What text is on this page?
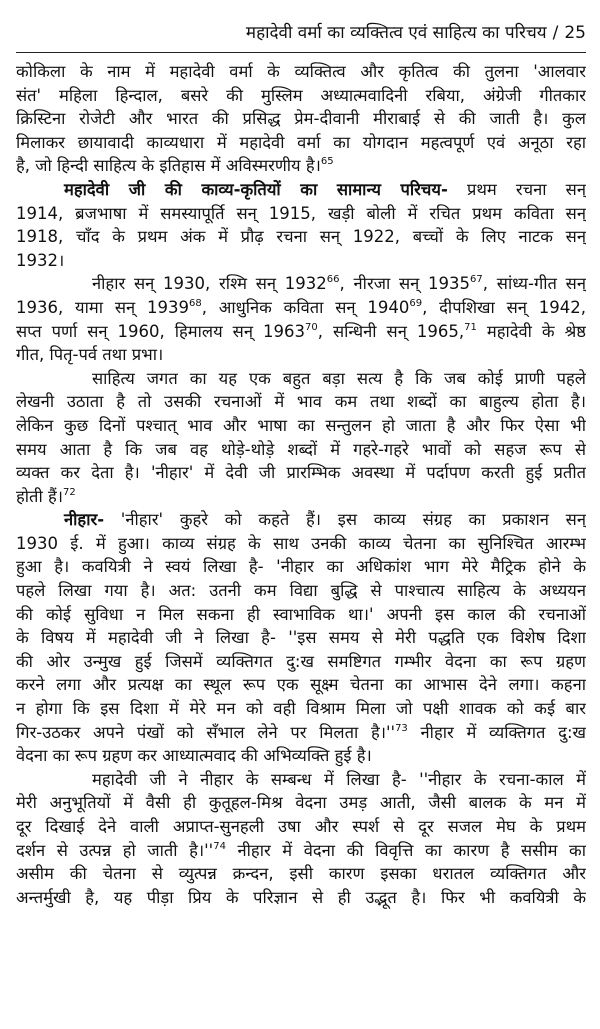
महादेवी वर्मा का व्यक्तित्व एवं साहित्य का परिचय / 25
कोकिला के नाम में महादेवी वर्मा के व्यक्तित्व और कृतित्व की तुलना 'आलवार
संत' महिला हिन्दाल, बसरे की मुस्लिम अध्यात्मवादिनी रबिया, अंग्रेजी गीतकार
क्रिस्टिना रोजेटी और भारत की प्रसिद्ध प्रेम-दीवानी मीराबाई से की जाती है। कुल
मिलाकर छायावादी काव्यधारा में महादेवी वर्मा का योगदान महत्वपूर्ण एवं अनूठा रहा
है, जो हिन्दी साहित्य के इतिहास में अविस्मरणीय है।$^{65}$
महादेवी जी की काव्य-कृतियों का सामान्य परिचय- प्रथम रचना सन्
1914, ब्रजभाषा में समस्यापूर्ति सन् 1915, खड़ी बोली में रचित प्रथम कविता सन्
1918, चाँद के प्रथम अंक में प्रौढ़ रचना सन् 1922, बच्चों के लिए नाटक सन्
1932।
नीहार सन् 1930, रश्मि सन् 1932$^{66}$, नीरजा सन् 1935$^{67}$, सांध्य-गीत सन्
1936, यामा सन् 1939$^{68}$, आधुनिक कविता सन् 1940$^{69}$, दीपशिखा सन् 1942,
सप्त पर्णा सन् 1960, हिमालय सन् 1963$^{70}$, सन्धिनी सन् 1965,71 महादेवी के श्रेष्ठ
गीत, पितृ-पर्व तथा प्रभा।
साहित्य जगत का यह एक बहुत बड़ा सत्य है कि जब कोई प्राणी पहले
लेखनी उठाता है तो उसकी रचनाओं में भाव कम तथा शब्दों का बाहुल्य होता है।
लेकिन कुछ दिनों पश्चात् भाव और भाषा का सन्तुलन हो जाता है और फिर ऐसा भी
समय आता है कि जब वह थोड़े-थोड़े शब्दों में गहरे-गहरे भावों को सहज रूप से
व्यक्त कर देता है। 'नीहार' में देवी जी प्रारम्भिक अवस्था में पर्दापण करती हुई प्रतीत
होती हैं।$^{72}$
नीहार- 'नीहार' कुहरे को कहते हैं। इस काव्य संग्रह का प्रकाशन सन्
1930 ई. में हुआ। काव्य संग्रह के साथ उनकी काव्य चेतना का सुनिश्चित आरम्भ
हुआ है। कवयित्री ने स्वयं लिखा है- 'नीहार का अधिकांश भाग मेरे मैट्रिक होने के
पहले लिखा गया है। अत: उतनी कम विद्या बुद्धि से पाश्चात्य साहित्य के अध्ययन
की कोई सुविधा न मिल सकना ही स्वाभाविक था।' अपनी इस काल की रचनाओं
के विषय में महादेवी जी ने लिखा है- ''इस समय से मेरी पद्धति एक विशेष दिशा
की ओर उन्मुख हुई जिसमें व्यक्तिगत दु:ख समष्टिगत गम्भीर वेदना का रूप ग्रहण
करने लगा और प्रत्यक्ष का स्थूल रूप एक सूक्ष्म चेतना का आभास देने लगा। कहना
न होगा कि इस दिशा में मेरे मन को वही विश्राम मिला जो पक्षी शावक को कई बार
गिर-उठकर अपने पंखों को सँभाल लेने पर मिलता $है।''^{73}$ नीहार में व्यक्तिगत दु:ख
वेदना का रूप ग्रहण कर आध्यात्मवाद की अभिव्यक्ति हुई है।
महादेवी जी ने नीहार के सम्बन्ध में लिखा है- ''नीहार के रचना-काल में
मेरी अनुभूतियों में वैसी ही कुतूहल-मिश्र वेदना उमड़ आती, जैसी बालक के मन में
दूर दिखाई देने वाली अप्राप्त-सुनहली उषा और स्पर्श से दूर सजल मेघ के प्रथम
दर्शन से उत्पन्न हो जाती $है।''^{74}$ नीहार में वेदना की विवृत्ति का कारण है ससीम का
असीम की चेतना से व्युत्पन्न क्रन्दन, इसी कारण इसका धरातल व्यक्तिगत और
अन्तर्मुखी है, यह पीड़ा प्रिय के परिज्ञान से ही उद्भूत है। फिर भी कवयित्री के
